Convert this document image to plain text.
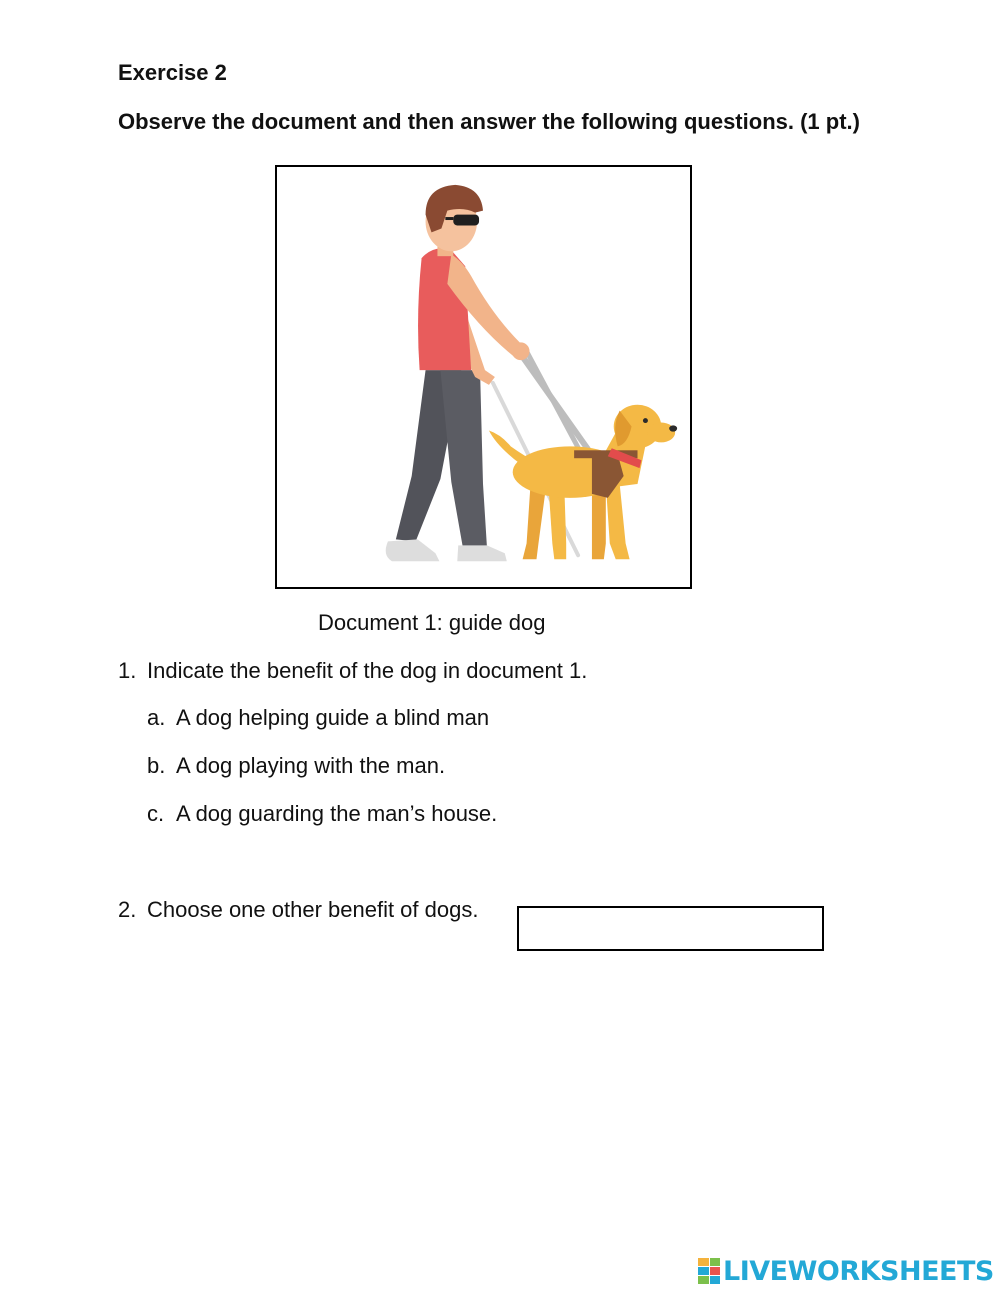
Exercise 2
Observe the document and then answer the following questions. (1 pt.)
Document 1: guide dog
1. Indicate the benefit of the dog in document 1.
a. A dog helping guide a blind man
b. A dog playing with the man.
c. A dog guarding the man’s house.
2. Choose one other benefit of dogs.
LIVEWORKSHEETS
